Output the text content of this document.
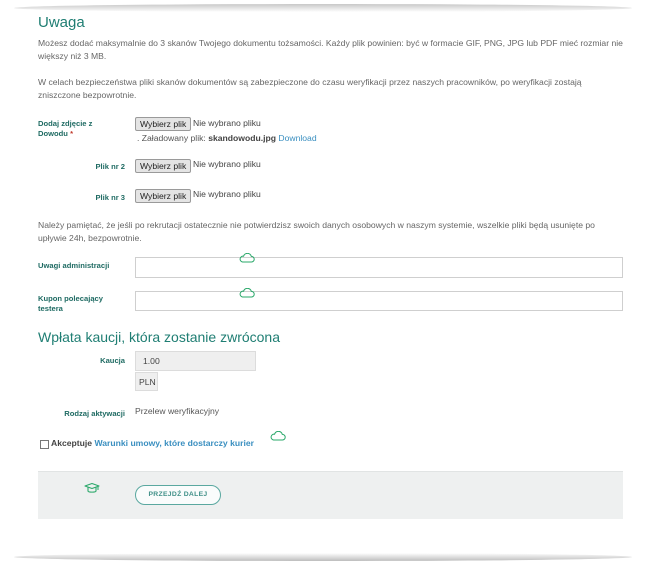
Uwaga

Możesz dodać maksymalnie do 3 skanów Twojego dokumentu tożsamości. Każdy plik powinien: być w formacie GIF, PNG, JPG lub PDF mieć rozmiar nie większy niż 3 MB.

W celach bezpieczeństwa pliki skanów dokumentów są zabezpieczone do czasu weryfikacji przez naszych pracowników, po weryfikacji zostają zniszczone bezpowrotnie.

Dodaj zdjęcie z
Dowodu *
Wybierz plik Nie wybrano pliku
. Załadowany plik: skandowodu.jpg Download
Plik nr 2	Wybierz plik Nie wybrano pliku
Plik nr 3	Wybierz plik Nie wybrano pliku

Należy pamiętać, że jeśli po rekrutacji ostatecznie nie potwierdzisz swoich danych osobowych w naszym systemie, wszelkie pliki będą usunięte po upływie 24h, bezpowrotnie.

Uwagi administracji
Kupon polecający
testera
Wpłata kaucji, która zostanie zwrócona
Kaucja	1.00
PLN
Rodzaj aktywacji Przelew weryfikacyjny
Akceptuje Warunki umowy, które dostarczy kurier
PRZEJDŹ DALEJ
